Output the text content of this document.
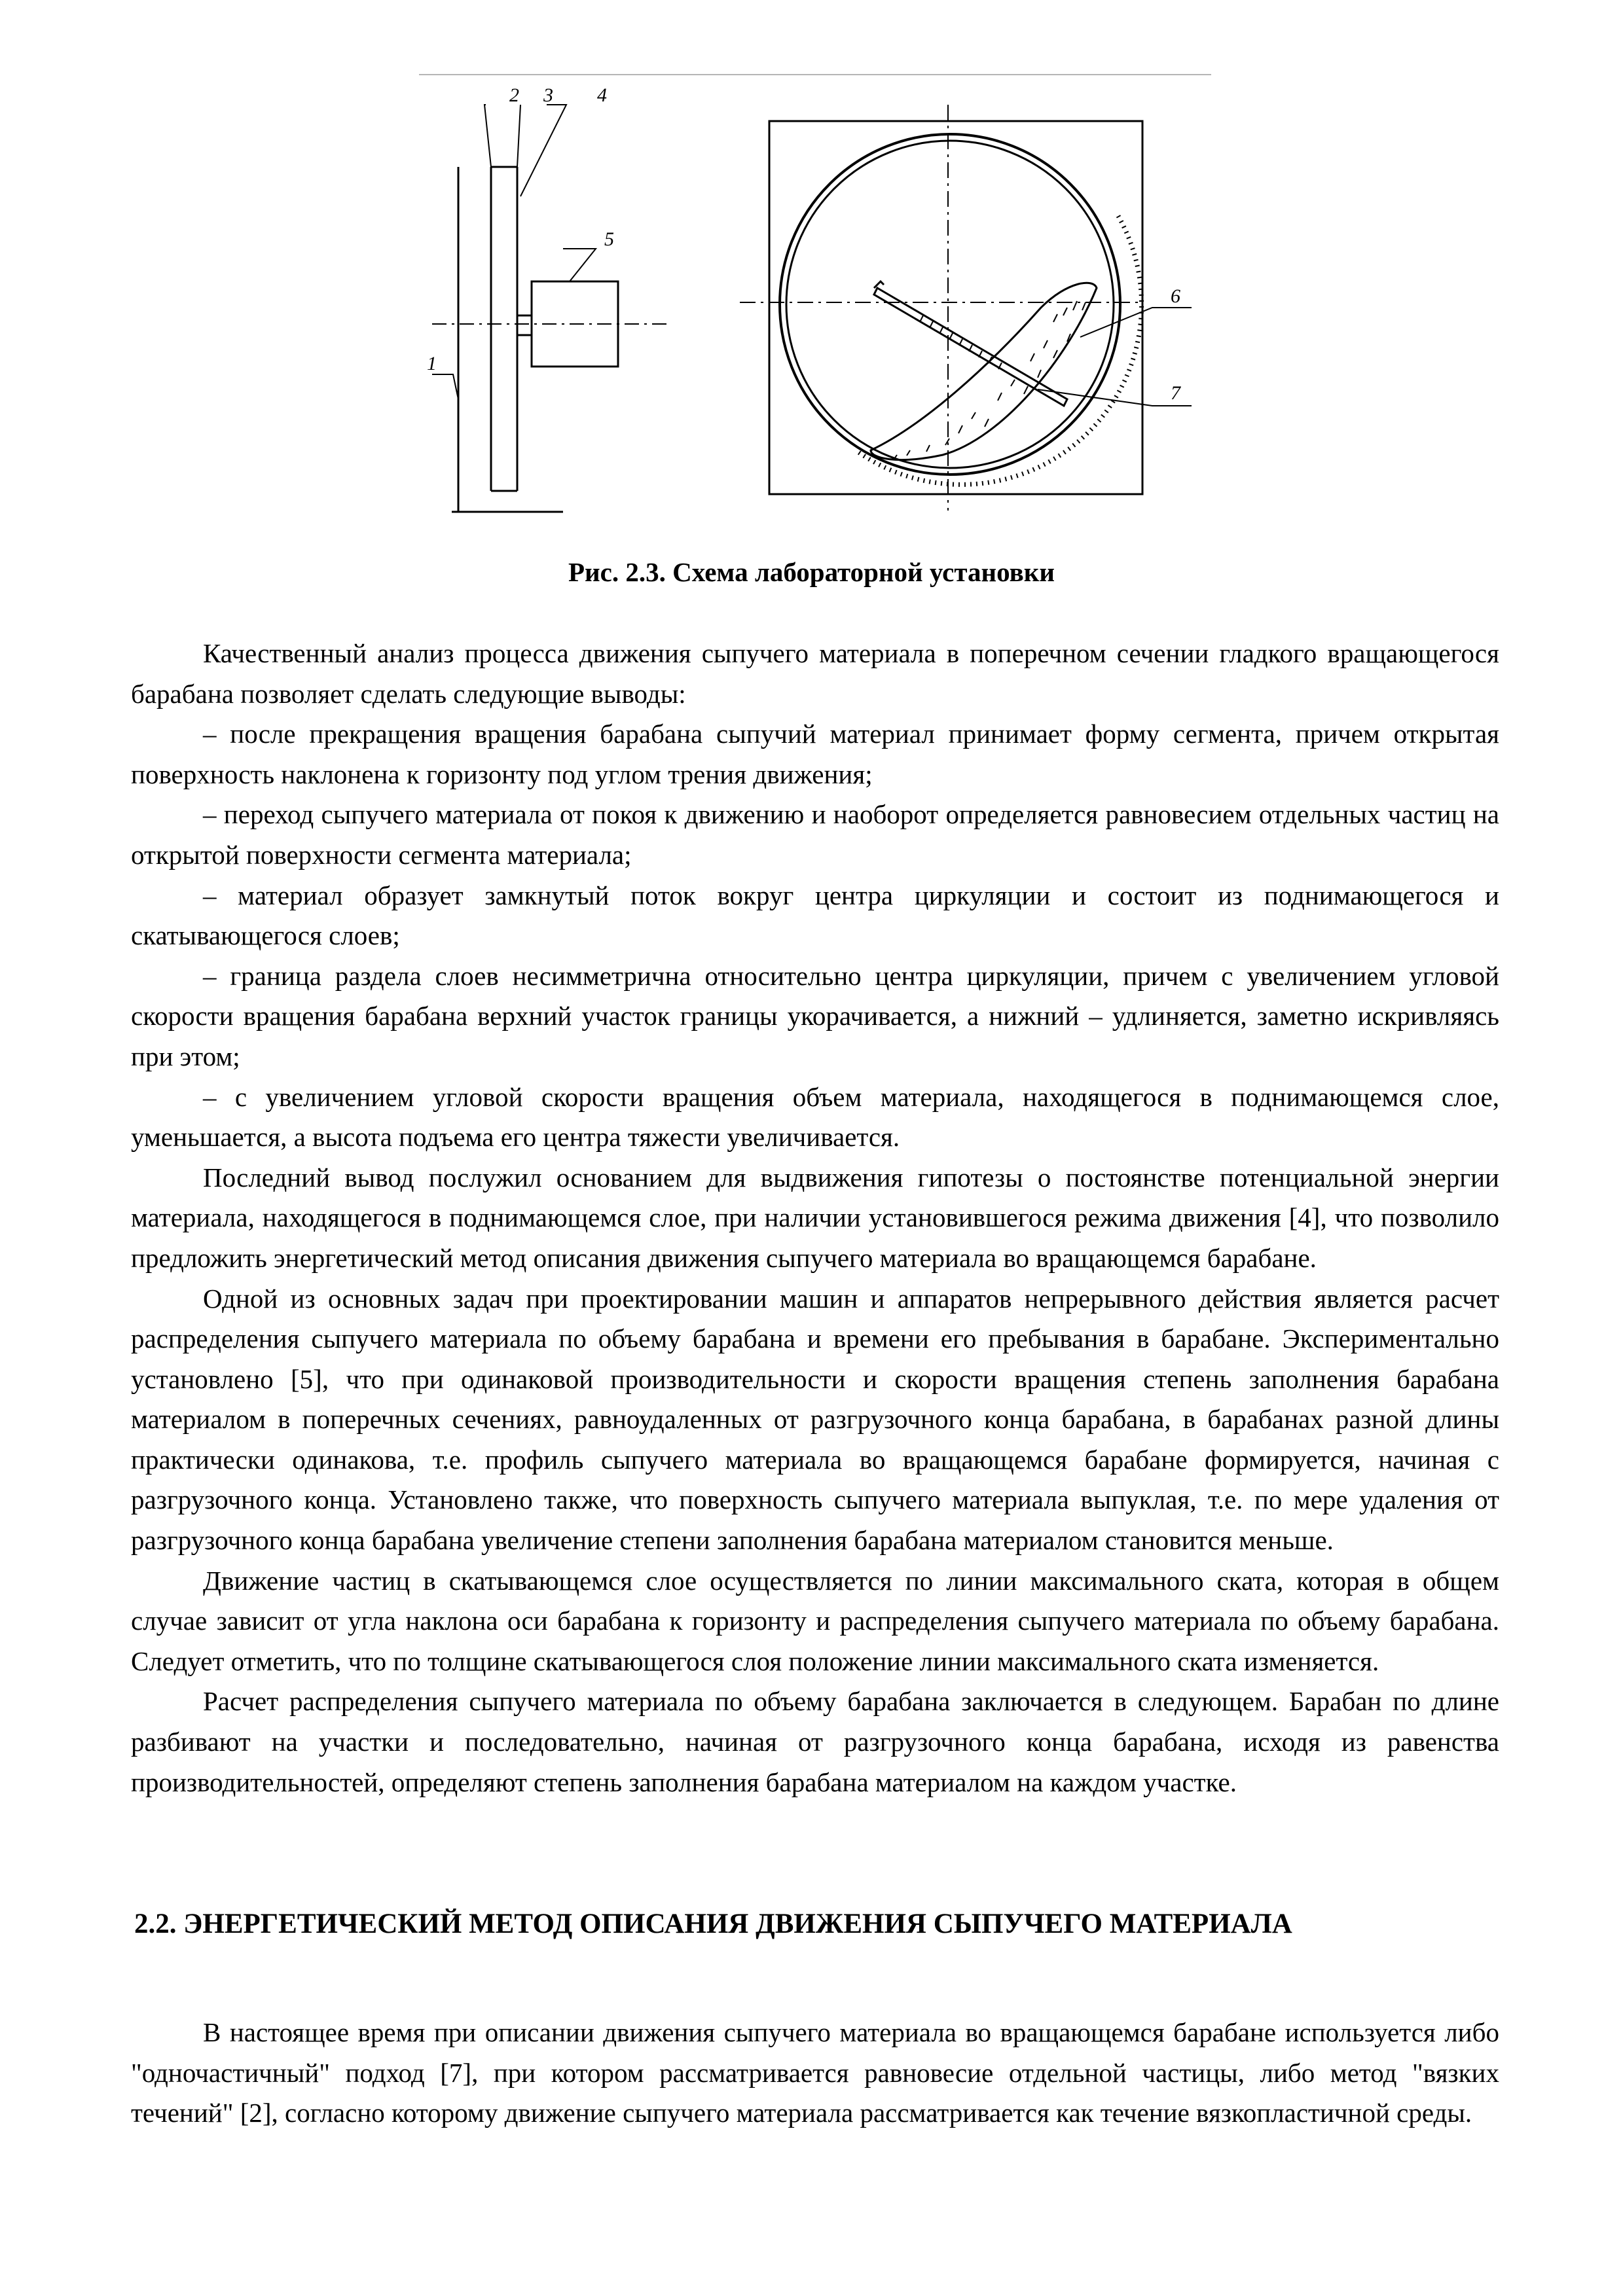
2 3 4
5
1
6
7
Рис. 2.3. Схема лабораторной установки

Качественный анализ процесса движения сыпучего материала в поперечном сечении гладкого вращающегося барабана позволяет сделать следующие выводы:

– после прекращения вращения барабана сыпучий материал принимает форму сегмента, причем открытая поверхность наклонена к горизонту под углом трения движения;

– переход сыпучего материала от покоя к движению и наоборот определяется равновесием отдельных частиц на открытой поверхности сегмента материала;

– материал образует замкнутый поток вокруг центра циркуляции и состоит из поднимающегося и скатывающегося слоев;

– граница раздела слоев несимметрична относительно центра циркуляции, причем с увеличением угловой скорости вращения барабана верхний участок границы укорачивается, а нижний – удлиняется, заметно искривляясь при этом;

– с увеличением угловой скорости вращения объем материала, находящегося в поднимающемся слое, уменьшается, а высота подъема его центра тяжести увеличивается.

Последний вывод послужил основанием для выдвижения гипотезы о постоянстве потенциальной энергии материала, находящегося в поднимающемся слое, при наличии установившегося режима движения [4], что позволило предложить энергетический метод описания движения сыпучего материала во вращающемся барабане.

Одной из основных задач при проектировании машин и аппаратов непрерывного действия является расчет распределения сыпучего материала по объему барабана и времени его пребывания в барабане. Экспериментально установлено [5], что при одинаковой производительности и скорости вращения степень заполнения барабана материалом в поперечных сечениях, равноудаленных от разгрузочного конца барабана, в барабанах разной длины практически одинакова, т.е. профиль сыпучего материала во вращающемся барабане формируется, начиная с разгрузочного конца. Установлено также, что поверхность сыпучего материала выпуклая, т.е. по мере удаления от разгрузочного конца барабана увеличение степени заполнения барабана материалом становится меньше.

Движение частиц в скатывающемся слое осуществляется по линии максимального ската, которая в общем случае зависит от угла наклона оси барабана к горизонту и распределения сыпучего материала по объему барабана. Следует отметить, что по толщине скатывающегося слоя положение линии максимального ската изменяется.

Расчет распределения сыпучего материала по объему барабана заключается в следующем. Барабан по длине разбивают на участки и последовательно, начиная от разгрузочного конца барабана, исходя из равенства производительностей, определяют степень заполнения барабана материалом на каждом участке.

2.2. ЭНЕРГЕТИЧЕСКИЙ МЕТОД ОПИСАНИЯ ДВИЖЕНИЯ СЫПУЧЕГО МАТЕРИАЛА

В настоящее время при описании движения сыпучего материала во вращающемся барабане используется либо "одночастичный" подход [7], при котором рассматривается равновесие отдельной частицы, либо метод "вязких течений" [2], согласно которому движение сыпучего материала рассматривается как течение вязкопластичной среды.
